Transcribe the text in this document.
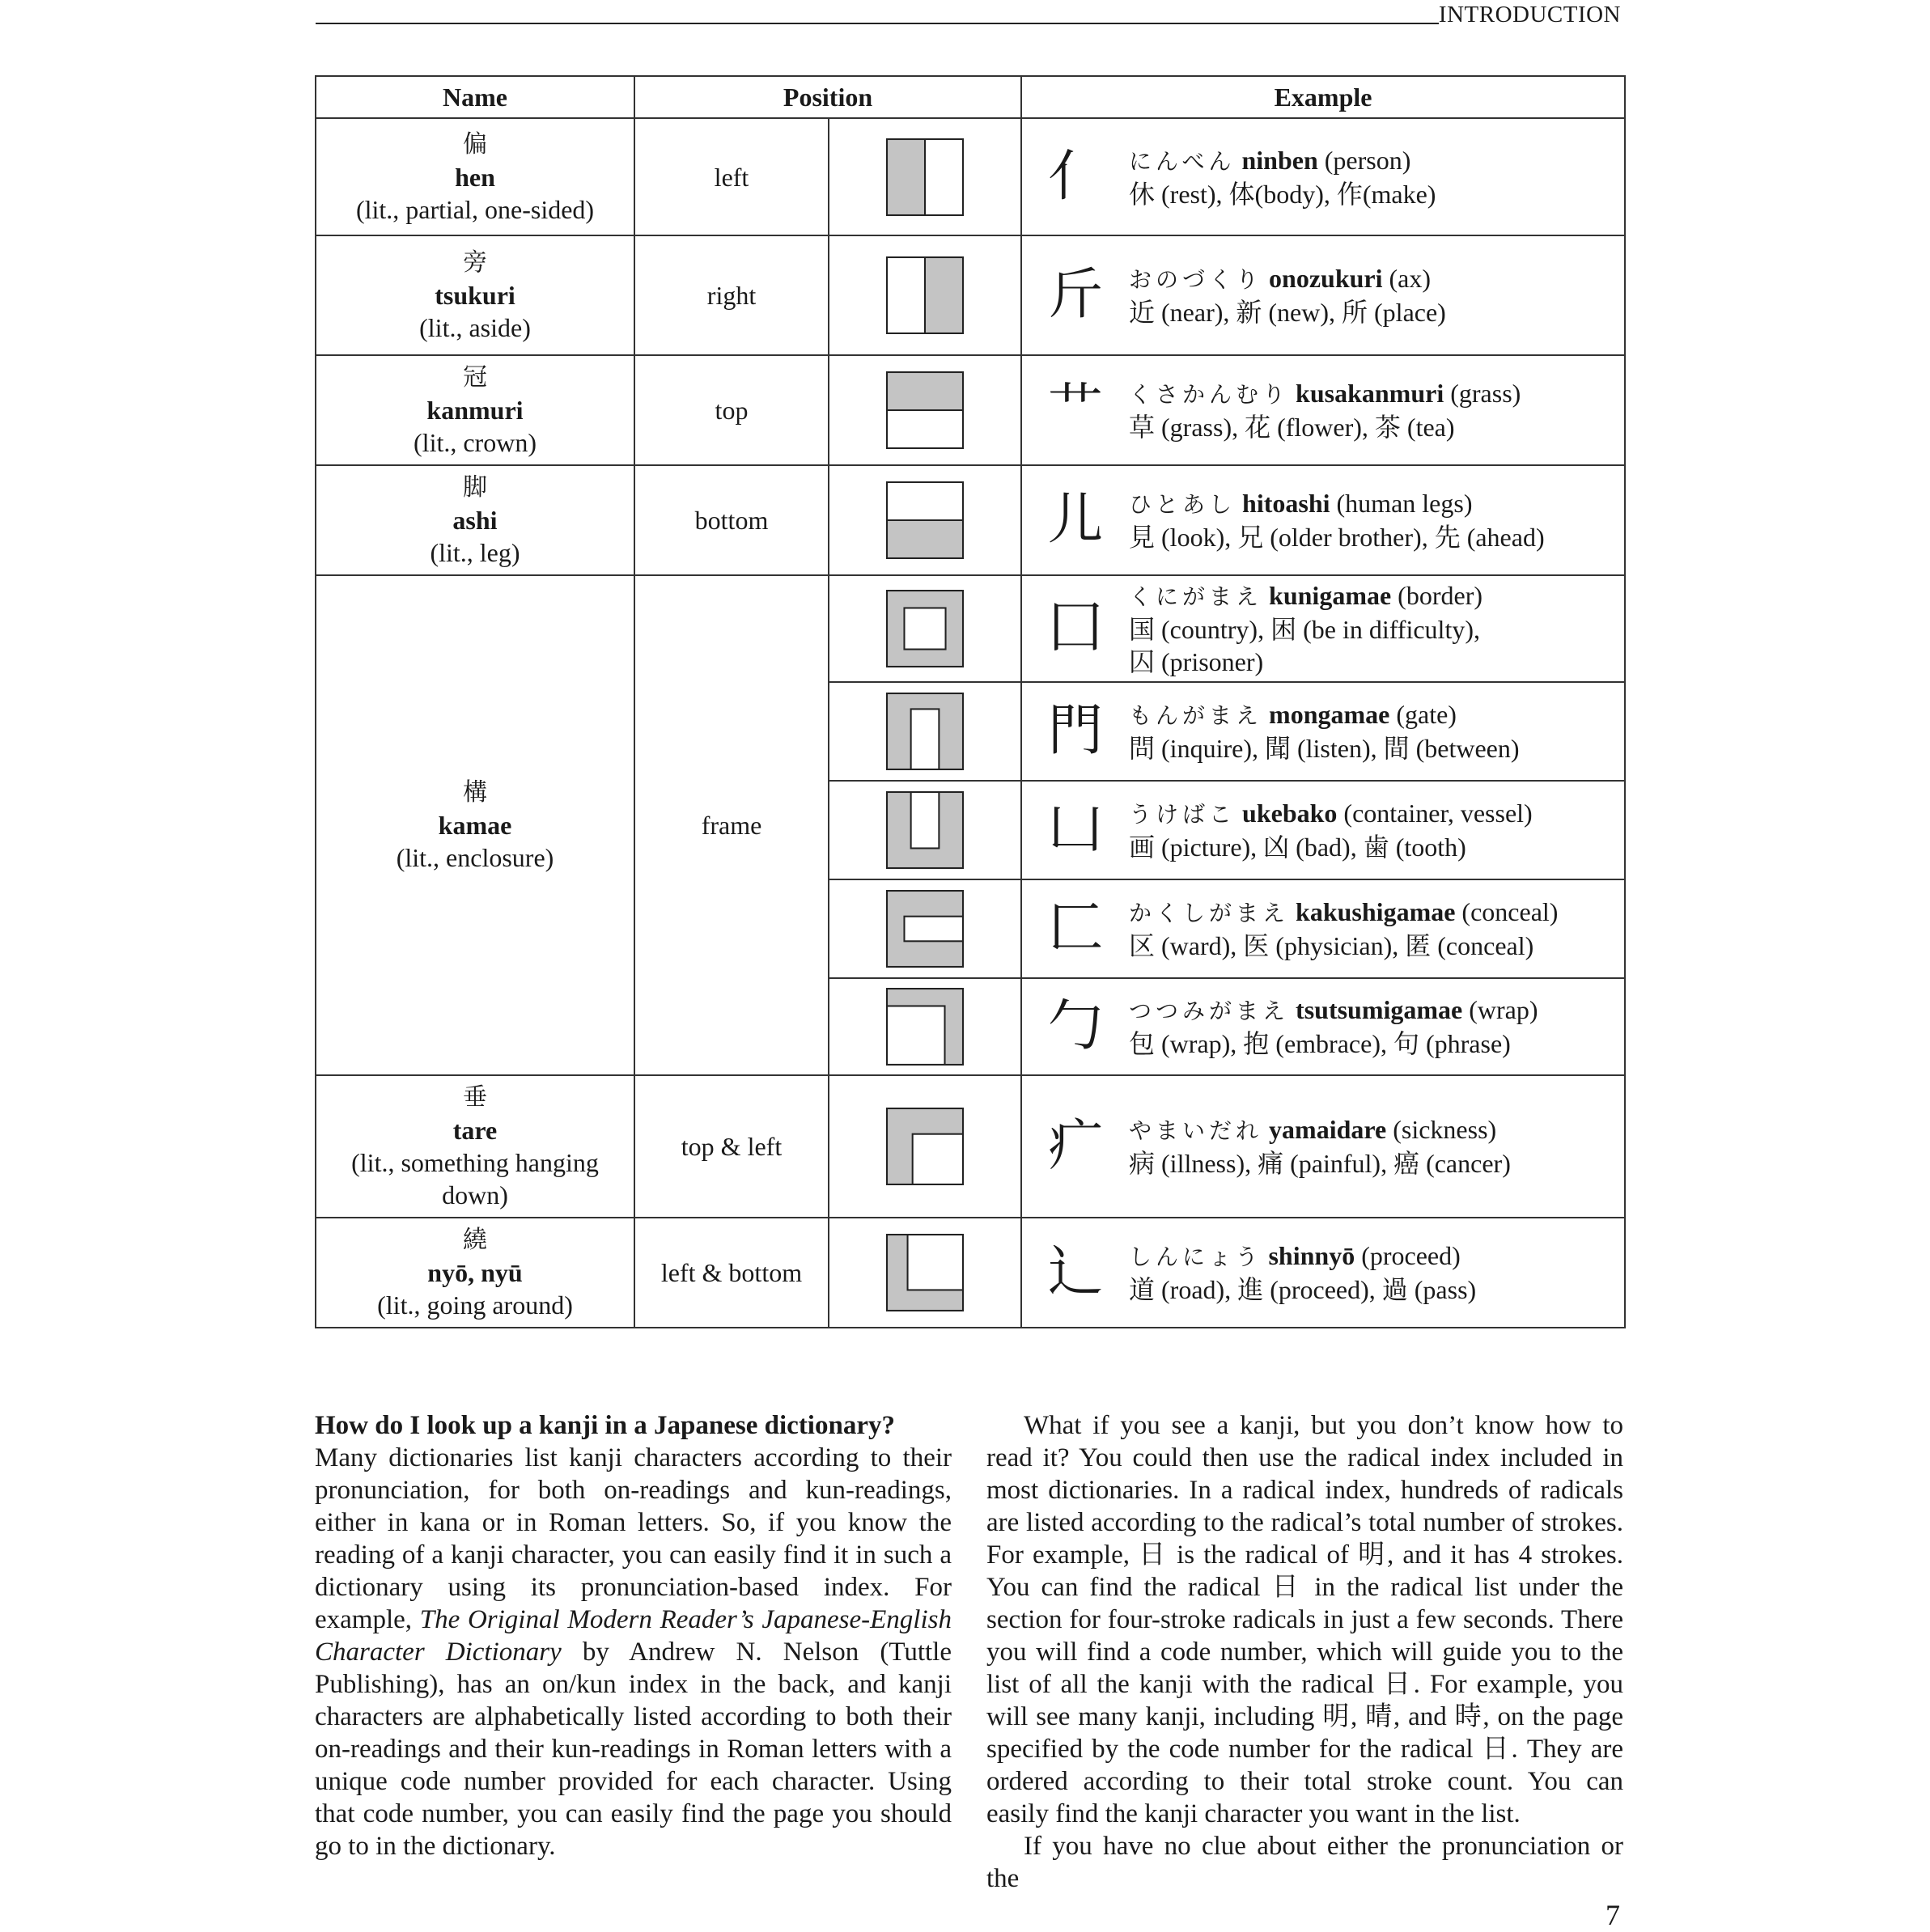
INTRODUCTION
Name	Position		Example

偏
hen
(lit., partial, one-sided)	left		亻 にんべん ninben (person)
休 (rest), 体(body), 作(make)

旁
tsukuri
(lit., aside)	right		斤 おのづくり onozukuri (ax)
近 (near), 新 (new), 所 (place)

冠
kanmuri
(lit., crown)	top		艹 くさかんむり kusakanmuri (grass)
草 (grass), 花 (flower), 茶 (tea)

脚
ashi
(lit., leg)	bottom		儿 ひとあし hitoashi (human legs)
見 (look), 兄 (older brother), 先 (ahead)

構
kamae
(lit., enclosure)	frame		囗 くにがまえ kunigamae (border)
国 (country), 困 (be in difficulty),
囚 (prisoner)

門 もんがまえ mongamae (gate)
問 (inquire), 聞 (listen), 間 (between)

凵 うけばこ ukebako (container, vessel)
画 (picture), 凶 (bad), 歯 (tooth)

匚 かくしがまえ kakushigamae (conceal)
区 (ward), 医 (physician), 匿 (conceal)

勹 つつみがまえ tsutsumigamae (wrap)
包 (wrap), 抱 (embrace), 句 (phrase)

垂
tare
(lit., something hanging down)	top & left		疒 やまいだれ yamaidare (sickness)
病 (illness), 痛 (painful), 癌 (cancer)

繞
nyō, nyū
(lit., going around)	left & bottom		辶 しんにょう shinnyō (proceed)
道 (road), 進 (proceed), 過 (pass)

How do I look up a kanji in a Japanese dictionary?

Many dictionaries list kanji characters according to their pronunciation, for both on-readings and kun-readings, either in kana or in Roman letters. So, if you know the reading of a kanji character, you can easily find it in such a dictionary using its pronunciation-based index. For example, The Original Modern Reader’s Japanese-English Character Dictionary by Andrew N. Nelson (Tuttle Publishing), has an on/kun index in the back, and kanji characters are alphabetically listed according to both their on-readings and their kun-readings in Roman letters with a unique code number provided for each character. Using that code number, you can easily find the page you should go to in the dictionary.

What if you see a kanji, but you don’t know how to read it? You could then use the radical index included in most dictionaries. In a radical index, hundreds of radicals are listed according to the radical’s total number of strokes. For example, 日 is the radical of 明, and it has 4 strokes. You can find the radical 日 in the radical list under the section for four-stroke radicals in just a few seconds. There you will find a code number, which will guide you to the list of all the kanji with the radical 日. For example, you will see many kanji, including 明, 晴, and 時, on the page specified by the code number for the radical 日. They are ordered according to their total stroke count. You can easily find the kanji character you want in the list.

If you have no clue about either the pronunciation or the

7
